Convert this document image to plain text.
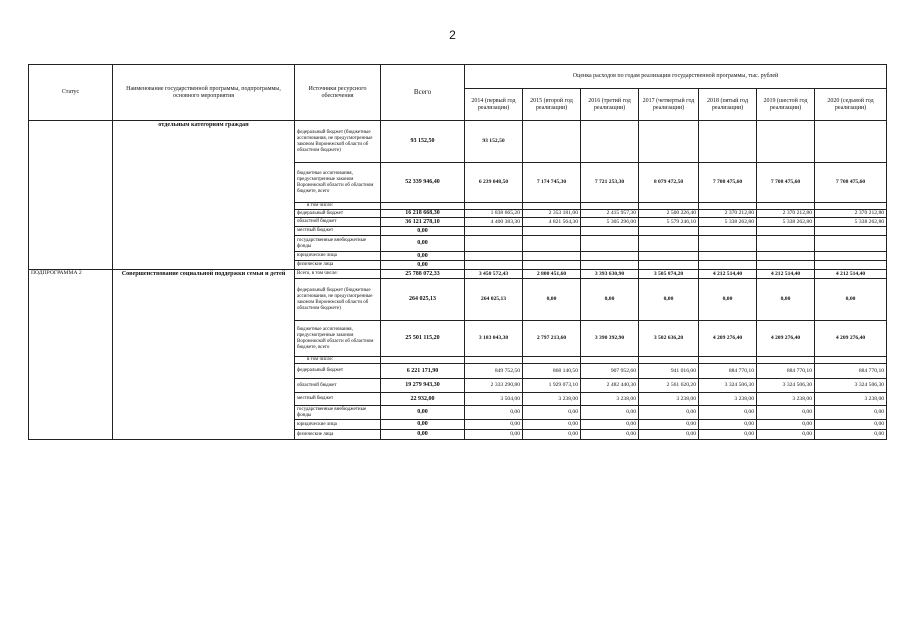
2
Статус	Наименование государственной программы, подпрограммы, основного мероприятия	Источники ресурсного обеспечения	Всего	Оценка расходов по годам реализации государственной программы, тыс. рублей						
				2014 (первый год реализации)	2015 (второй год реализации)	2016 (третий год реализации)	2017 (четвертый год реализации)	2018 (пятый год реализации)	2019 (шестой год реализации)	2020 (седьмой год реализации)
	отдельным категориям граждан	федеральный бюджет (бюджетные ассигнования, не предусмотренные законом Воронежской области об областном бюджете)	93 152,50	93 152,50						
		бюджетные ассигнования, предусмотренные законом Воронежской области об областном бюджете, всего	52 339 946,40	6 239 048,50	7 174 745,30	7 721 253,30	8 079 472,50	7 708 475,60	7 708 475,60	7 708 475,60
		в том числе:								
		федеральный бюджет	16 218 668,30	1 838 665,20	2 353 181,00	2 415 957,30	2 500 226,40	2 370 212,80	2 370 212,80	2 370 212,80
		областной бюджет	36 121 278,10	4 400 383,30	4 821 564,30	5 305 296,00	5 579 246,10	5 338 262,80	5 338 262,80	5 338 262,80
		местный бюджет	0,00							
		государственные внебюджетные фонды	0,00							
		юридические лица	0,00							
		физические лица	0,00							
ПОДПРОГРАММА 2	Совершенствование социальной поддержки семьи и детей	Всего, в том числе:	25 788 072,33	3 450 572,43	2 800 451,60	3 393 630,90	3 505 874,20	4 212 514,40	4 212 514,40	4 212 514,40
		федеральный бюджет (бюджетные ассигнования, не предусмотренные законом Воронежской области об областном бюджете)	264 025,13	264 025,13	0,00	0,00	0,00	0,00	0,00	0,00
		бюджетные ассигнования, предусмотренные законом Воронежской области об областном бюджете, всего	25 501 115,20	3 183 043,30	2 797 213,60	3 390 392,90	3 502 636,20	4 209 276,40	4 209 276,40	4 209 276,40
		в том числе:								
		федеральный бюджет	6 221 171,90	849 752,50	868 140,50	907 952,60	941 016,00	884 770,10	884 770,10	884 770,10
		областной бюджет	19 279 943,30	2 333 290,80	1 929 073,10	2 482 440,30	2 561 620,20	3 324 506,30	3 324 506,30	3 324 506,30
		местный бюджет	22 932,00	3 504,00	3 238,00	3 238,00	3 238,00	3 238,00	3 238,00	3 238,00
		государственные внебюджетные фонды	0,00	0,00	0,00	0,00	0,00	0,00	0,00	0,00
		юридические лица	0,00	0,00	0,00	0,00	0,00	0,00	0,00	0,00
		физические лица	0,00	0,00	0,00	0,00	0,00	0,00	0,00	0,00
